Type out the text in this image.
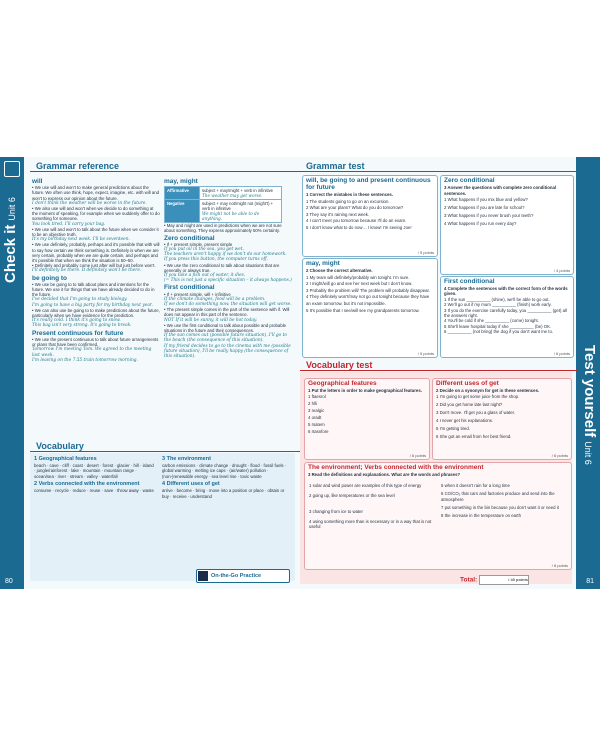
Check itUnit 6
80
Test yourselfUnit 6
81
Grammar reference
will
• We use will and won't to make general predictions about the future. We often use think, hope, expect, imagine, etc. with will and won't to express our opinion about the future.
I don't think the weather will be worse in the future.
• We also use will and won't when we decide to do something at the moment of speaking, for example when we suddenly offer to do something for someone.
You look tired. I'll carry your bag.
• We use will and won't to talk about the future when we consider it to be an objective truth.
It's my birthday next week. I'll be seventeen.
• We use definitely, probably, perhaps and it's possible that with will to say how certain we think something is. Definitely is when we are very certain, probably when we are quite certain, and perhaps and it's possible that when we think the situation is 50–50.
• Definitely and probably come just after will but just before won't.
I'll definitely be there. It definitely won't be there.
be going to
• We use be going to to talk about plans and intentions for the future. We use it for things that we have already decided to do in the future.
I've decided that I'm going to study biology.
I'm going to have a big party for my birthday next year.
• We can also use be going to to make predictions about the future, particularly when we have evidence for the prediction.
It's really cold. I think it's going to snow.
This bag isn't very strong. It's going to break.
Present continuous for future
• We use the present continuous to talk about future arrangements or plans that have been confirmed.
Tomorrow I'm meeting Tom. We agreed to the meeting last week.
I'm leaving on the 7.55 train tomorrow morning.
may, might
Affirmative	subject + may/might + verb in infinitive
The weather may get worse.

Negative	subject + may not/might not (might't) + verb in infinitive
We might not be able to do anything.
• May and might are used in predictions when we are not sure about something. They express approximately 50% certainty.
Zero conditional
• If + present simple, present simple
If you put oil in the sea, you get wet.
The teachers aren't happy if we don't do our homework.
If you press this button, the computer turns off.
• We use the zero conditional to talk about situations that are generally or always true.
If you take a fish out of water, it dies.
(= This is not just a specific situation – it always happens.)
First conditional
• If + present simple, will + infinitive
If the climate changes, food will be a problem.
If we don't do something now, the situation will get worse.
• The present simple comes in the part of the sentence with if. Will does not appear in this part of the sentence.
NOT If it will be sunny, it will be hot today.
• We use the first conditional to talk about possible and probable situations in the future and their consequences.
If the sun comes out (possible future situation), I'll go to the beach (the consequence of this situation).
If my friend decides to go to the cinema with me (possible future situation), I'll be really happy (the consequence of this situation).
Vocabulary
1 Geographical features
beach · cave · cliff · coast · desert · forest · glacier · hill · island · jungle/rainforest · lake · mountain · mountain range · ocean/sea · river · stream · valley · waterfall
2 Verbs connected with the environment
consume · recycle · reduce · reuse · save · throw away · waste
3 The environment
carbon emissions · climate change · drought · flood · fossil fuels · global warming · melting ice caps · (air/water) pollution · (non-)renewable energy · sea level rise · toxic waste
4 Different uses of get
arrive · become · bring · move into a position or place · obtain or buy · receive · understand
On-the-Go Practice
Grammar test
will, be going to and present continuous for future
1 Correct the mistakes in these sentences.
1 The students going to go on an excursion.
2 What are your plans? What do you do tomorrow?
3 They say it's raining next week.
4 I can't meet you tomorrow because I'll do an exam.
5 I don't know what to do now… I know! I'm seeing Joe!
/ 5 points
may, might
2 Choose the correct alternative.
1 My team will definitely/probably win tonight. I'm sure.
2 I might/will go and see her next week but I don't know.
3 Probably the problem will/ The problem will probably disappear.
4 They definitely won't/may not go out tonight because they have an exam tomorrow, but it's not impossible.
5 It's possible that I see/will see my grandparents tomorrow.
/ 5 points
Zero conditional
3 Answer the questions with complete zero conditional sentences.
1 What happens if you mix blue and yellow?
2 What happens if you are late for school?
3 What happens if you never brush your teeth?
4 What happens if you run every day?
/ 4 points
First conditional
4 Complete the sentences with the correct form of the words given.
1 If the sun __________ (shine), we'll be able to go out.
2 We'll go out if my mum __________ (finish) work early.
3 If you do the exercise carefully today, you __________ (get) all the answers right.
4 You'll be cold if she __________ (come) tonight.
5 She'll leave hospital today if she __________ (be) OK.
6 __________ (not bring) the dog if you don't want me to.
/ 6 points
Vocabulary test
Geographical features
1 Put the letters in order to make geographical features.
1 ftaesrol
2 hlli
3 realgic
4 oradt
5 rsatem
6 rtasnfore
/ 6 points
Different uses of get
2 Decide on a synonym for get in these sentences.
1 I'm going to get some juice from the shop.
2 Did you get home late last night?
3 Don't move. I'll get you a glass of water.
4 I never get his explanations.
5 I'm getting tired.
6 She got an email from her best friend.
/ 6 points
The environment; Verbs connected with the environment
3 Read the definitions and explanations. What are the words and phrases?
1 solar and wind power are examples of this type of energy
2 going up, like temperatures or the sea level
3 changing from ice to water
4 using something more than is necessary or in a way that is not useful
5 when it doesn't rain for a long time
6 CO/CO₂ that cars and factories produce and send into the atmosphere
7 put something in the bin because you don't want it or need it
8 the increase in the temperature on earth
/ 8 points
Total:	/ 40 points
